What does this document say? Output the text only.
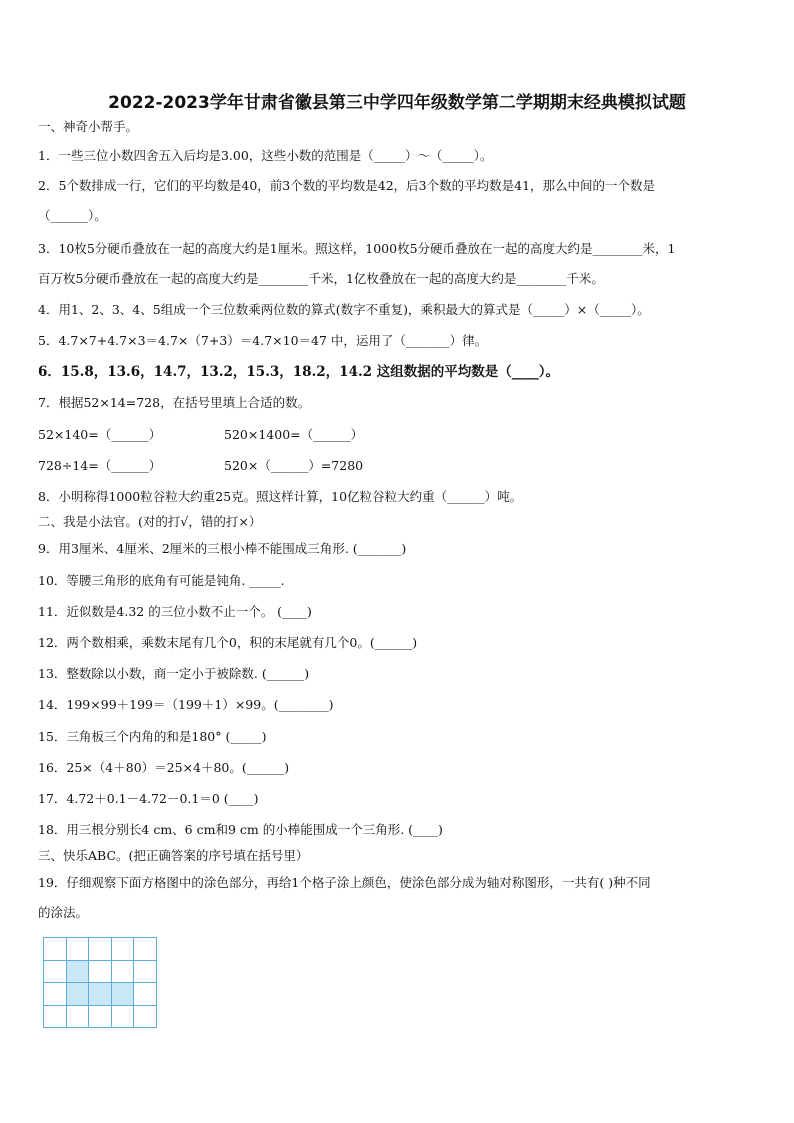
2022-2023学年甘肃省徽县第三中学四年级数学第二学期期末经典模拟试题
一、神奇小帮手。
1．一些三位小数四舍五入后均是3.00，这些小数的范围是（_____）～（_____）。
2．5个数排成一行，它们的平均数是40，前3个数的平均数是42，后3个数的平均数是41，那么中间的一个数是
（______）。
3．10枚5分硬币叠放在一起的高度大约是1厘米。照这样，1000枚5分硬币叠放在一起的高度大约是________米，1
百万枚5分硬币叠放在一起的高度大约是________千米，1亿枚叠放在一起的高度大约是________千米。
4．用1、2、3、4、5组成一个三位数乘两位数的算式(数字不重复)，乘积最大的算式是（_____）×（_____）。
5．4.7×7+4.7×3＝4.7×（7+3）＝4.7×10＝47 中，运用了（_______）律。
6．15.8，13.6，14.7，13.2，15.3，18.2，14.2 这组数据的平均数是（____）。
7．根据52×14=728，在括号里填上合适的数。
52×140=（______）	520×1400=（______）
728÷14=（______）	520×（______）=7280
8．小明称得1000粒谷粒大约重25克。照这样计算，10亿粒谷粒大约重（______）吨。
二、我是小法官。(对的打√，错的打×）
9．用3厘米、4厘米、2厘米的三根小棒不能围成三角形. (_______)
10．等腰三角形的底角有可能是钝角. _____.
11．近似数是4.32 的三位小数不止一个。 (____)
12．两个数相乘，乘数末尾有几个0，积的末尾就有几个0。(______)
13．整数除以小数，商一定小于被除数. (______)
14．199×99＋199＝（199＋1）×99。(________)
15．三角板三个内角的和是180° (_____)
16．25×（4＋80）＝25×4＋80。(______)
17．4.72＋0.1－4.72－0.1＝0 (____)
18．用三根分别长4 cm、6 cm和9 cm 的小棒能围成一个三角形. (____)
三、快乐ABC。(把正确答案的序号填在括号里）
19．仔细观察下面方格图中的涂色部分，再给1个格子涂上颜色，使涂色部分成为轴对称图形，一共有( )种不同
的涂法。
